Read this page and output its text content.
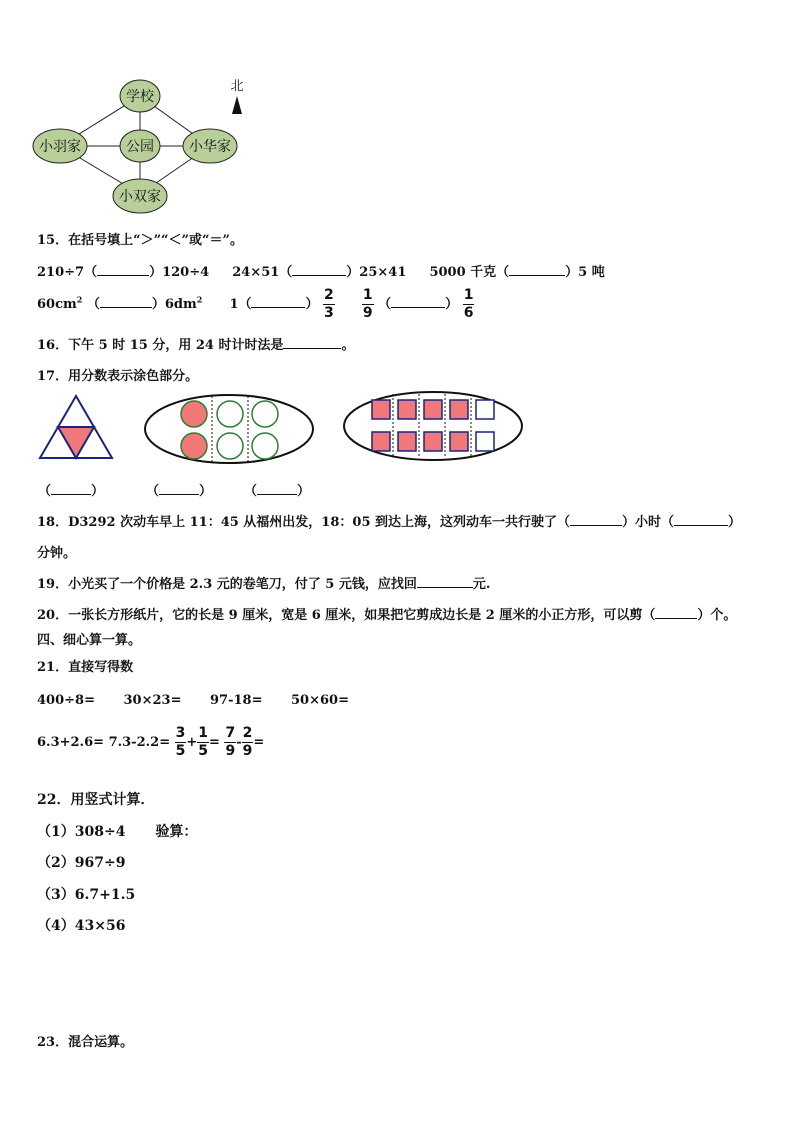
学校
小羽家	公园	小华家
小双家
北
15．在括号填上“＞”“＜”或“＝”。
210÷7（	）120÷4 24×51（	）25×41 5000 千克（	）5 吨
$60cm^2$ （	）$6dm^2$ 1（	） $\frac{2}{3}$
$\frac{1}{9}$ （	） $\frac{1}{6}$
16．下午 5 时 15 分，用 24 时计时法是	。
17．用分数表示涂色部分。
（	）	（	） （	）
18．D3292 次动车早上 11：45 从福州出发，18：05 到达上海，这列动车一共行驶了（	）小时（	）
分钟。
19．小光买了一个价格是 2.3 元的卷笔刀，付了 5 元钱，应找回	元.
20．一张长方形纸片，它的长是 9 厘米，宽是 6 厘米，如果把它剪成边长是 2 厘米的小正方形，可以剪（	）个。
四、细心算一算。
21．直接写得数
400÷8= 30×23= 97-18= 50×60=
$6.3+2.6= 7.3-2.2= \frac{3}{5} + \frac{1}{5} = \frac{7}{9} - \frac{2}{9}$ =
22．用竖式计算．
（1）308÷4 验算：
（2）967÷9
（3）6.7+1.5
（4）43×56
23．混合运算。
